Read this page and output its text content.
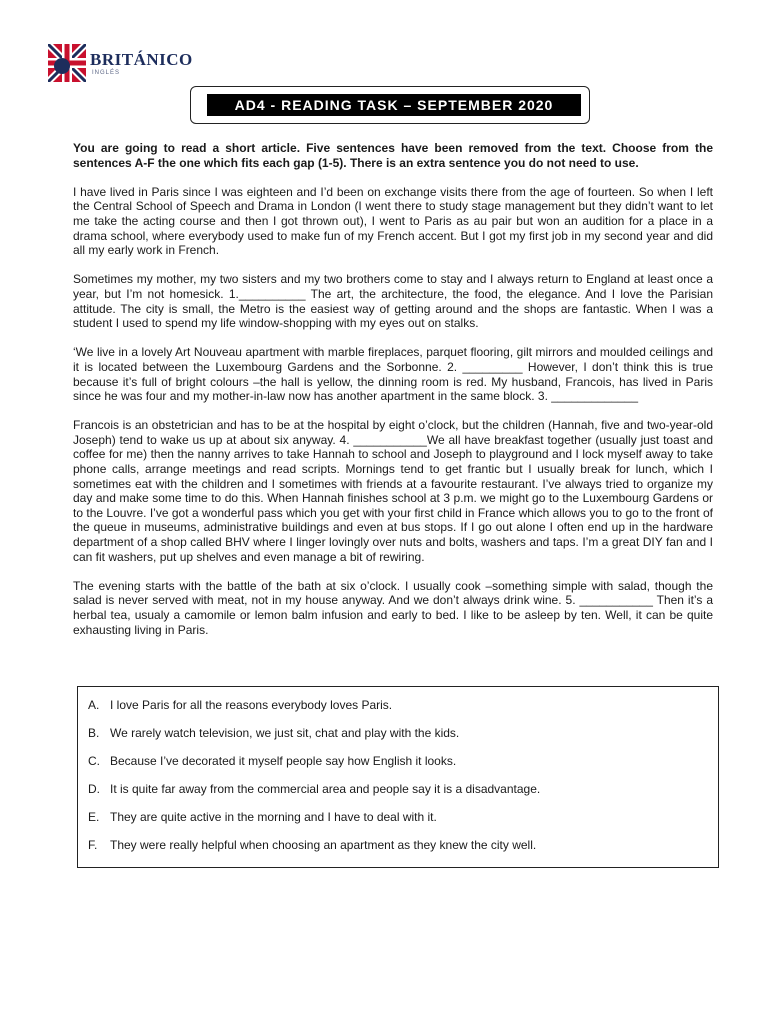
BRITÁNICO
INGLÉS
AD4 - READING TASK – SEPTEMBER 2020

You are going to read a short article. Five sentences have been removed from the text. Choose from the sentences A-F the one which fits each gap (1-5). There is an extra sentence you do not need to use.

I have lived in Paris since I was eighteen and I’d been on exchange visits there from the age of fourteen. So when I left the Central School of Speech and Drama in London (I went there to study stage management but they didn’t want to let me take the acting course and then I got thrown out), I went to Paris as au pair but won an audition for a place in a drama school, where everybody used to make fun of my French accent. But I got my first job in my second year and did all my early work in French.

Sometimes my mother, my two sisters and my two brothers come to stay and I always return to England at least once a year, but I’m not homesick. 1.__________ The art, the architecture, the food, the elegance. And I love the Parisian attitude. The city is small, the Metro is the easiest way of getting around and the shops are fantastic. When I was a student I used to spend my life window-shopping with my eyes out on stalks.

‘We live in a lovely Art Nouveau apartment with marble fireplaces, parquet flooring, gilt mirrors and moulded ceilings and it is located between the Luxembourg Gardens and the Sorbonne. 2. _________ However, I don’t think this is true because it’s full of bright colours –the hall is yellow, the dinning room is red. My husband, Francois, has lived in Paris since he was four and my mother-in-law now has another apartment in the same block. 3. _____________

Francois is an obstetrician and has to be at the hospital by eight o’clock, but the children (Hannah, five and two-year-old Joseph) tend to wake us up at about six anyway. 4. ___________We all have breakfast together (usually just toast and coffee for me) then the nanny arrives to take Hannah to school and Joseph to playground and I lock myself away to take phone calls, arrange meetings and read scripts. Mornings tend to get frantic but I usually break for lunch, which I sometimes eat with the children and I sometimes with friends at a favourite restaurant. I’ve always tried to organize my day and make some time to do this. When Hannah finishes school at 3 p.m. we might go to the Luxembourg Gardens or to the Louvre. I’ve got a wonderful pass which you get with your first child in France which allows you to go to the front of the queue in museums, administrative buildings and even at bus stops. If I go out alone I often end up in the hardware department of a shop called BHV where I linger lovingly over nuts and bolts, washers and taps. I’m a great DIY fan and I can fit washers, put up shelves and even manage a bit of rewiring.

The evening starts with the battle of the bath at six o’clock. I usually cook –something simple with salad, though the salad is never served with meat, not in my house anyway. And we don’t always drink wine. 5. ___________ Then it’s a herbal tea, usualy a camomile or lemon balm infusion and early to bed. I like to be asleep by ten. Well, it can be quite exhausting living in Paris.

A. I love Paris for all the reasons everybody loves Paris.
B. We rarely watch television, we just sit, chat and play with the kids.
C. Because I’ve decorated it myself people say how English it looks.
D. It is quite far away from the commercial area and people say it is a disadvantage.
E. They are quite active in the morning and I have to deal with it.
F.	They were really helpful when choosing an apartment as they knew the city well.
